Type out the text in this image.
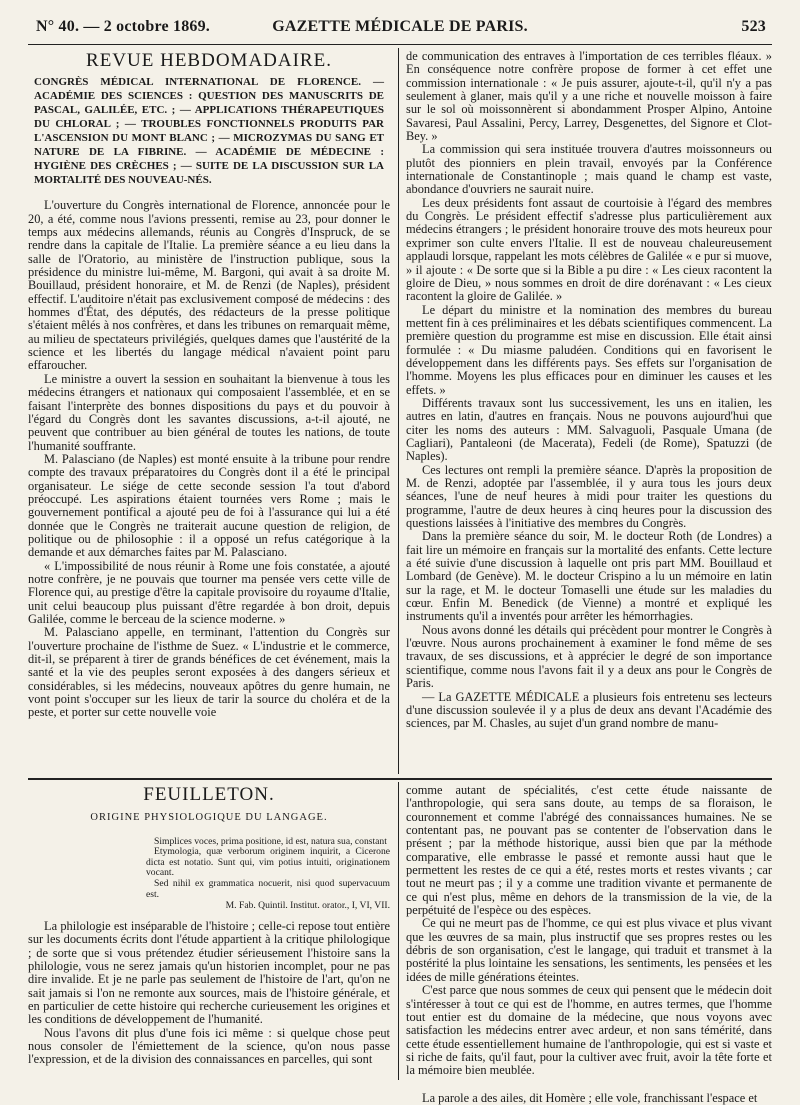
N° 40. — 2 octobre 1869.	GAZETTE MÉDICALE DE PARIS.	523
REVUE HEBDOMADAIRE.
CONGRÈS MÉDICAL INTERNATIONAL DE FLORENCE. — ACADÉMIE DES SCIENCES : QUESTION DES MANUSCRITS DE PASCAL, GALILÉE, ETC. ; — APPLICATIONS THÉRAPEUTIQUES DU CHLORAL ; — TROUBLES FONCTIONNELS PRODUITS PAR L'ASCENSION DU MONT BLANC ; — MICROZYMAS DU SANG ET NATURE DE LA FIBRINE. — ACADÉMIE DE MÉDECINE : HYGIÈNE DES CRÈCHES ; — SUITE DE LA DISCUSSION SUR LA MORTALITÉ DES NOUVEAU-NÉS.

L'ouverture du Congrès international de Florence, annoncée pour le 20, a été, comme nous l'avions pressenti, remise au 23, pour donner le temps aux médecins allemands, réunis au Congrès d'Inspruck, de se rendre dans la capitale de l'Italie. La première séance a eu lieu dans la salle de l'Oratorio, au ministère de l'instruction publique, sous la présidence du ministre lui-même, M. Bargoni, qui avait à sa droite M. Bouillaud, président honoraire, et M. de Renzi (de Naples), président effectif. L'auditoire n'était pas exclusivement composé de médecins : des hommes d'État, des députés, des rédacteurs de la presse politique s'étaient mêlés à nos confrères, et dans les tribunes on remarquait même, au milieu de spectateurs privilégiés, quelques dames que l'austérité de la science et les libertés du langage médical n'avaient point paru effaroucher.

Le ministre a ouvert la session en souhaitant la bienvenue à tous les médecins étrangers et nationaux qui composaient l'assemblée, et en se faisant l'interprète des bonnes dispositions du pays et du pouvoir à l'égard du Congrès dont les savantes discussions, a-t-il ajouté, ne peuvent que contribuer au bien général de toutes les nations, de toute l'humanité souffrante.

M. Palasciano (de Naples) est monté ensuite à la tribune pour rendre compte des travaux préparatoires du Congrès dont il a été le principal organisateur. Le siége de cette seconde session l'a tout d'abord préoccupé. Les aspirations étaient tournées vers Rome ; mais le gouvernement pontifical a ajouté peu de foi à l'assurance qui lui a été donnée que le Congrès ne traiterait aucune question de religion, de politique ou de philosophie : il a opposé un refus catégorique à la demande et aux démarches faites par M. Palasciano.

« L'impossibilité de nous réunir à Rome une fois constatée, a ajouté notre confrère, je ne pouvais que tourner ma pensée vers cette ville de Florence qui, au prestige d'être la capitale provisoire du royaume d'Italie, unit celui beaucoup plus puissant d'être regardée à bon droit, depuis Galilée, comme le berceau de la science moderne. »

M. Palasciano appelle, en terminant, l'attention du Congrès sur l'ouverture prochaine de l'isthme de Suez. « L'industrie et le commerce, dit-il, se préparent à tirer de grands bénéfices de cet événement, mais la santé et la vie des peuples seront exposées à des dangers sérieux et considérables, si les médecins, nouveaux apôtres du genre humain, ne vont point s'occuper sur les lieux de tarir la source du choléra et de la peste, et porter sur cette nouvelle voie

de communication des entraves à l'importation de ces terribles fléaux. » En conséquence notre confrère propose de former à cet effet une commission internationale : « Je puis assurer, ajoute-t-il, qu'il n'y a pas seulement à glaner, mais qu'il y a une riche et nouvelle moisson à faire sur le sol où moissonnèrent si abondamment Prosper Alpino, Antoine Savaresi, Paul Assalini, Percy, Larrey, Desgenettes, del Signore et Clot-Bey. »

La commission qui sera instituée trouvera d'autres moissonneurs ou plutôt des pionniers en plein travail, envoyés par la Conférence internationale de Constantinople ; mais quand le champ est vaste, abondance d'ouvriers ne saurait nuire.

Les deux présidents font assaut de courtoisie à l'égard des membres du Congrès. Le président effectif s'adresse plus particulièrement aux médecins étrangers ; le président honoraire trouve des mots heureux pour exprimer son culte envers l'Italie. Il est de nouveau chaleureusement applaudi lorsque, rappelant les mots célèbres de Galilée « e pur si muove, » il ajoute : « De sorte que si la Bible a pu dire : « Les cieux racontent la gloire de Dieu, » nous sommes en droit de dire dorénavant : « Les cieux racontent la gloire de Galilée. »

Le départ du ministre et la nomination des membres du bureau mettent fin à ces préliminaires et les débats scientifiques commencent. La première question du programme est mise en discussion. Elle était ainsi formulée : « Du miasme paludéen. Conditions qui en favorisent le développement dans les différents pays. Ses effets sur l'organisation de l'homme. Moyens les plus efficaces pour en diminuer les causes et les effets. »

Différents travaux sont lus successivement, les uns en italien, les autres en latin, d'autres en français. Nous ne pouvons aujourd'hui que citer les noms des auteurs : MM. Salvaguoli, Pasquale Umana (de Cagliari), Pantaleoni (de Macerata), Fedeli (de Rome), Spatuzzi (de Naples).

Ces lectures ont rempli la première séance. D'après la proposition de M. de Renzi, adoptée par l'assemblée, il y aura tous les jours deux séances, l'une de neuf heures à midi pour traiter les questions du programme, l'autre de deux heures à cinq heures pour la discussion des questions laissées à l'initiative des membres du Congrès.

Dans la première séance du soir, M. le docteur Roth (de Londres) a fait lire un mémoire en français sur la mortalité des enfants. Cette lecture a été suivie d'une discussion à laquelle ont pris part MM. Bouillaud et Lombard (de Genève). M. le docteur Crispino a lu un mémoire en latin sur la rage, et M. le docteur Tomaselli une étude sur les maladies du cœur. Enfin M. Benedick (de Vienne) a montré et expliqué les instruments qu'il a inventés pour arrêter les hémorrhagies.

Nous avons donné les détails qui précèdent pour montrer le Congrès à l'œuvre. Nous aurons prochainement à examiner le fond même de ses travaux, de ses discussions, et à apprécier le degré de son importance scientifique, comme nous l'avons fait il y a deux ans pour le Congrès de Paris.

— La GAZETTE MÉDICALE a plusieurs fois entretenu ses lecteurs d'une discussion soulevée il y a plus de deux ans devant l'Académie des sciences, par M. Chasles, au sujet d'un grand nombre de manu-

FEUILLETON.
ORIGINE PHYSIOLOGIQUE DU LANGAGE.
Simplices voces, prima positione, id est, natura sua, constant
Etymologia, quæ verborum originem inquirit, a Cicerone dicta est notatio. Sunt qui, vim potius intuiti, originationem vocant.
Sed nihil ex grammatica nocuerit, nisi quod supervacuum est.
M. Fab. Quintil. Institut. orator., I, VI, VII.

La philologie est inséparable de l'histoire ; celle-ci repose tout entière sur les documents écrits dont l'étude appartient à la critique philologique ; de sorte que si vous prétendez étudier sérieusement l'histoire sans la philologie, vous ne serez jamais qu'un historien incomplet, pour ne pas dire invalide. Et je ne parle pas seulement de l'histoire de l'art, qu'on ne sait jamais si l'on ne remonte aux sources, mais de l'histoire générale, et en particulier de cette histoire qui recherche curieusement les origines et les conditions de développement de l'humanité.

Nous l'avons dit plus d'une fois ici même : si quelque chose peut nous consoler de l'émiettement de la science, qu'on nous passe l'expression, et de la division des connaissances en parcelles, qui sont

comme autant de spécialités, c'est cette étude naissante de l'anthropologie, qui sera sans doute, au temps de sa floraison, le couronnement et comme l'abrégé des connaissances humaines. Ne se contentant pas, ne pouvant pas se contenter de l'observation dans le présent ; par la méthode historique, aussi bien que par la méthode comparative, elle embrasse le passé et remonte aussi haut que le permettent les restes de ce qui a été, restes morts et restes vivants ; car tout ne meurt pas ; il y a comme une tradition vivante et permanente de ce qui n'est plus, même en dehors de la transmission de la vie, de la perpétuité de l'espèce ou des espèces.

Ce qui ne meurt pas de l'homme, ce qui est plus vivace et plus vivant que les œuvres de sa main, plus instructif que ses propres restes ou les débris de son organisation, c'est le langage, qui traduit et transmet à la postérité la plus lointaine les sensations, les sentiments, les pensées et les idées de mille générations éteintes.

C'est parce que nous sommes de ceux qui pensent que le médecin doit s'intéresser à tout ce qui est de l'homme, en autres termes, que l'homme tout entier est du domaine de la médecine, que nous voyons avec satisfaction les médecins entrer avec ardeur, et non sans témérité, dans cette étude essentiellement humaine de l'anthropologie, qui est si vaste et si riche de faits, qu'il faut, pour la cultiver avec fruit, avoir la tête forte et la mémoire bien meublée.

La parole a des ailes, dit Homère ; elle vole, franchissant l'espace et
